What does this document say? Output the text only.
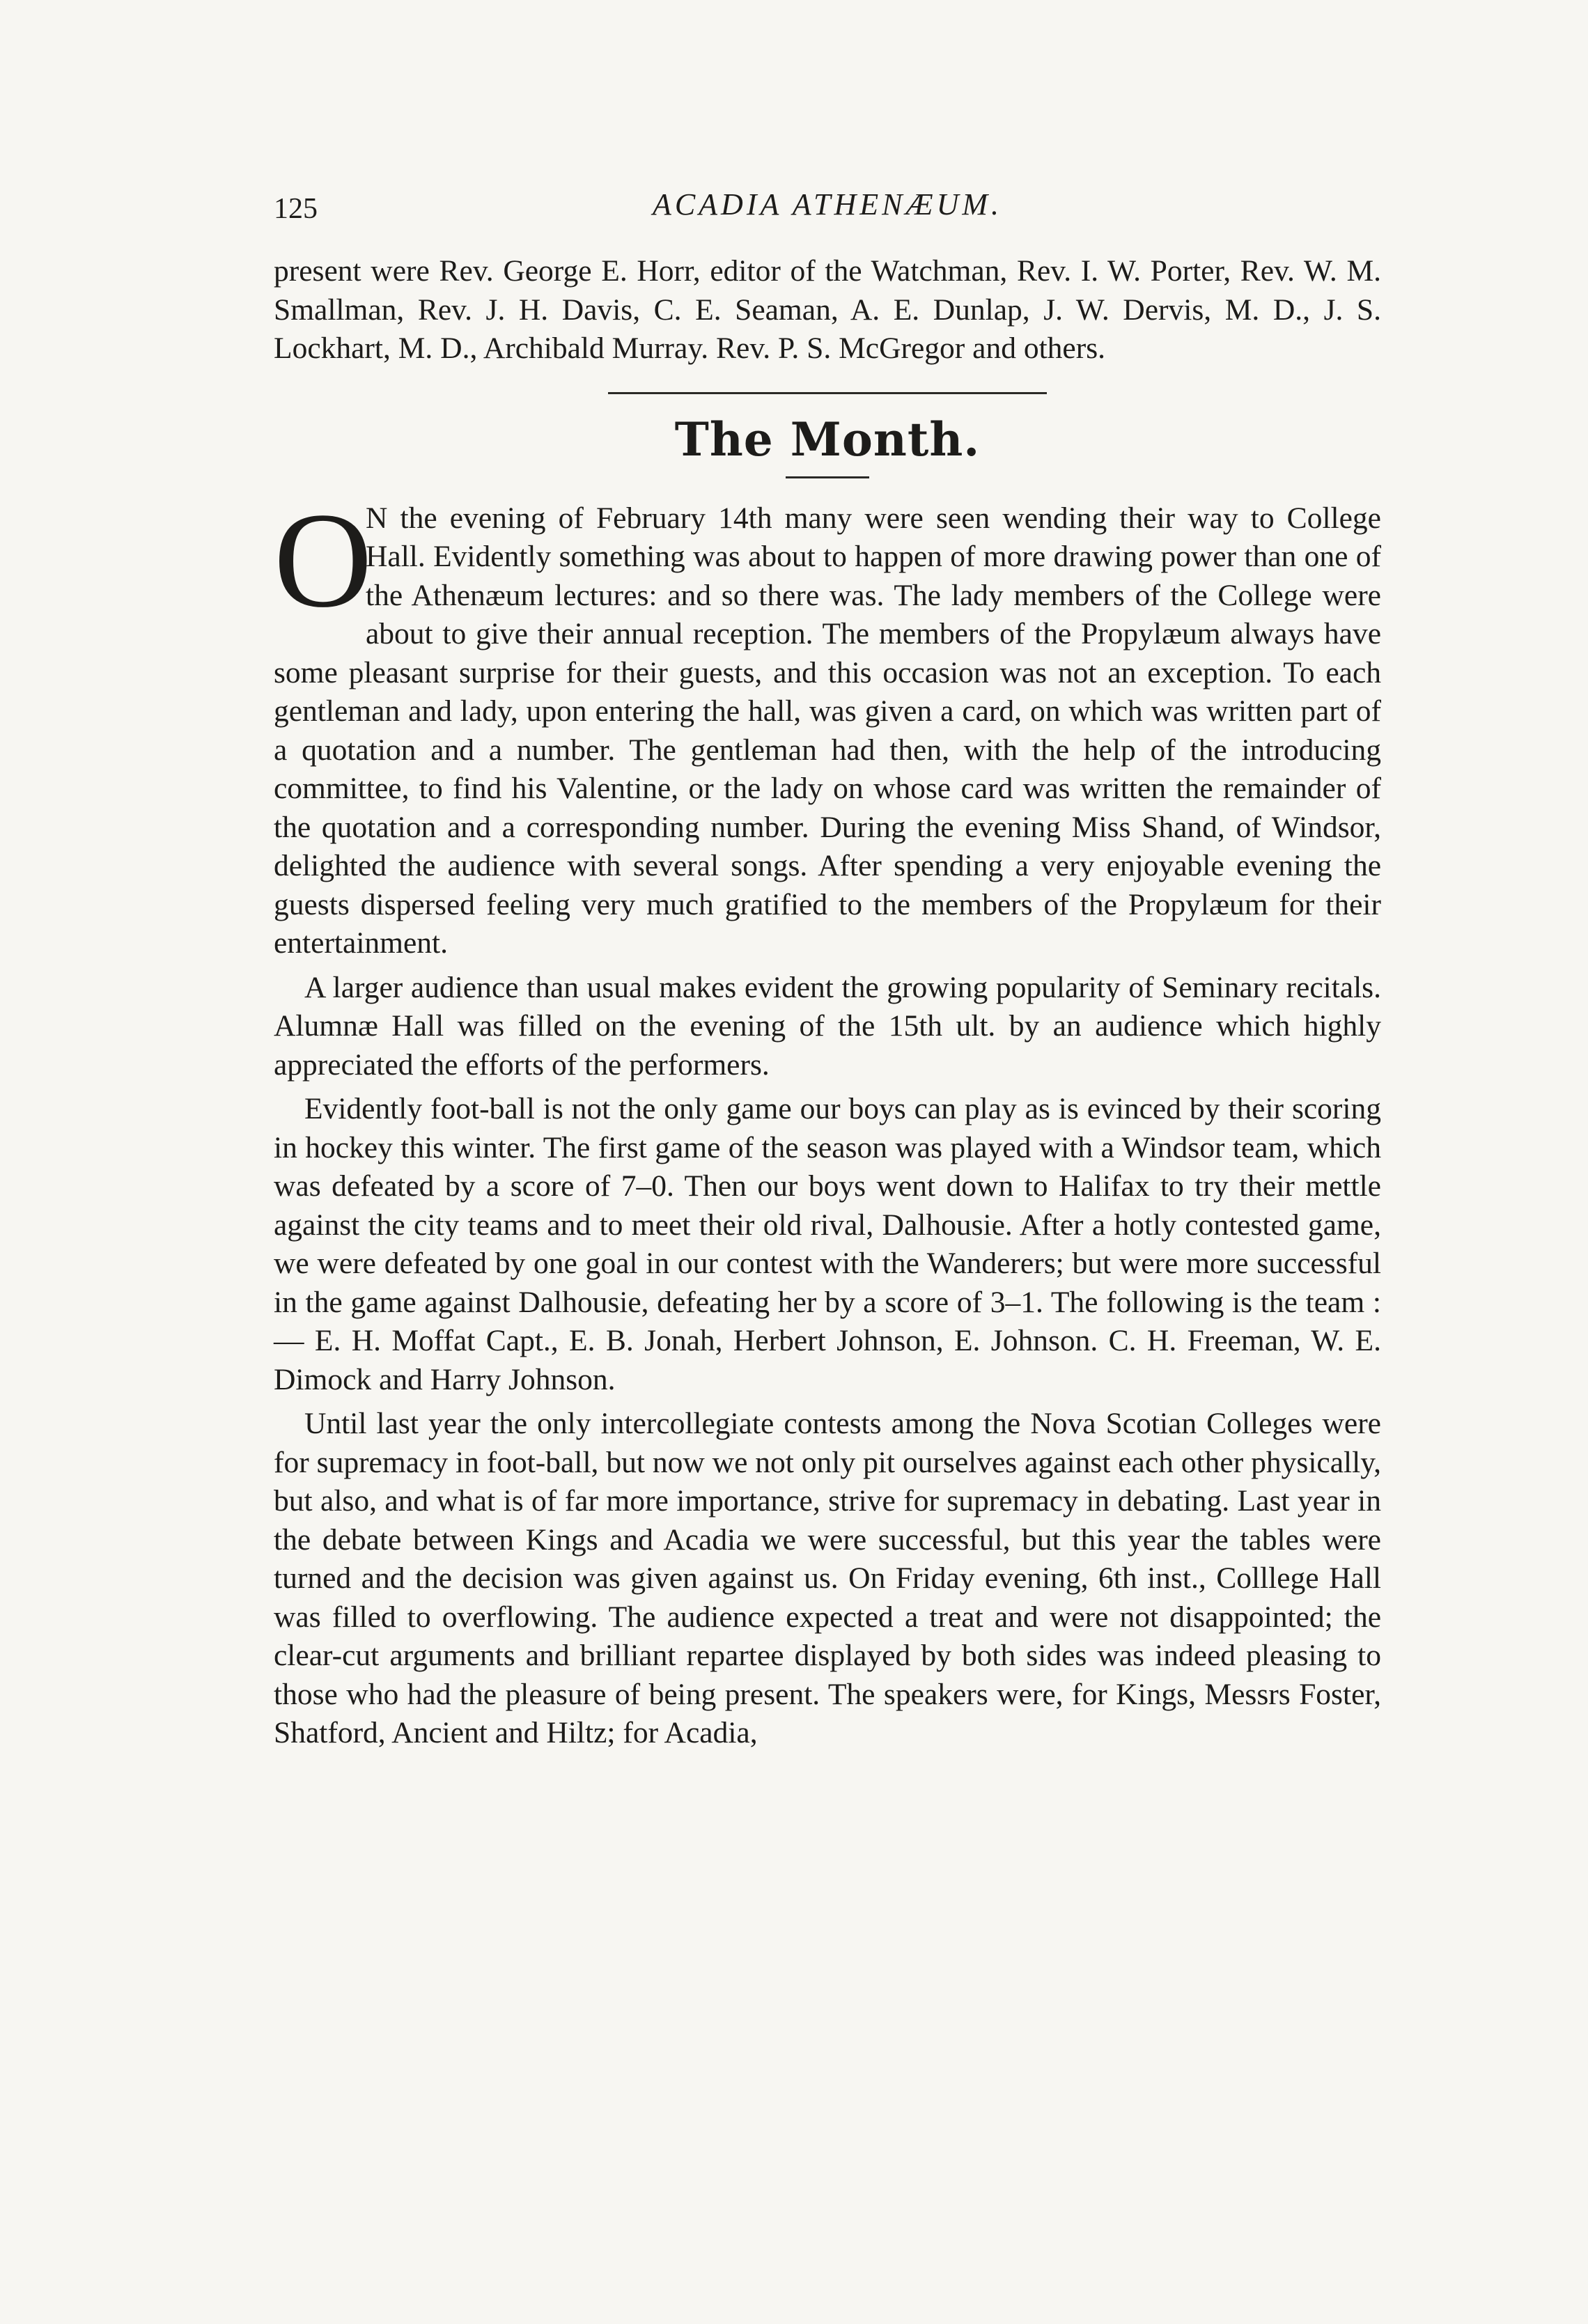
125	ACADIA ATHENÆUM.

present were Rev. George E. Horr, editor of the Watchman, Rev. I. W. Porter, Rev. W. M. Smallman, Rev. J. H. Davis, C. E. Seaman, A. E. Dunlap, J. W. Dervis, M. D., J. S. Lockhart, M. D., Archibald Murray. Rev. P. S. McGregor and others.

The Month.
O

N the evening of February 14th many were seen wending their way to College Hall. Evidently something was about to happen of more drawing power than one of the Athenæum lectures: and so there was. The lady members of the College were about to give their annual reception. The members of the Propylæum always have some pleasant surprise for their guests, and this occasion was not an exception. To each gentleman and lady, upon entering the hall, was given a card, on which was written part of a quotation and a number. The gentleman had then, with the help of the introducing committee, to find his Valentine, or the lady on whose card was written the remainder of the quotation and a corresponding number. During the evening Miss Shand, of Windsor, delighted the audience with several songs. After spending a very enjoyable evening the guests dispersed feeling very much gratified to the members of the Propylæum for their entertainment.

A larger audience than usual makes evident the growing popularity of Seminary recitals. Alumnæ Hall was filled on the evening of the 15th ult. by an audience which highly appreciated the efforts of the performers.

Evidently foot-ball is not the only game our boys can play as is evinced by their scoring in hockey this winter. The first game of the season was played with a Windsor team, which was defeated by a score of 7–0. Then our boys went down to Halifax to try their mettle against the city teams and to meet their old rival, Dalhousie. After a hotly contested game, we were defeated by one goal in our contest with the Wanderers; but were more successful in the game against Dalhousie, defeating her by a score of 3–1. The following is the team :— E. H. Moffat Capt., E. B. Jonah, Herbert Johnson, E. Johnson. C. H. Freeman, W. E. Dimock and Harry Johnson.

Until last year the only intercollegiate contests among the Nova Scotian Colleges were for supremacy in foot-ball, but now we not only pit ourselves against each other physically, but also, and what is of far more importance, strive for supremacy in debating. Last year in the debate between Kings and Acadia we were successful, but this year the tables were turned and the decision was given against us. On Friday evening, 6th inst., Colllege Hall was filled to overflowing. The audience expected a treat and were not disappointed; the clear-cut arguments and brilliant repartee displayed by both sides was indeed pleasing to those who had the pleasure of being present. The speakers were, for Kings, Messrs Foster, Shatford, Ancient and Hiltz; for Acadia,
